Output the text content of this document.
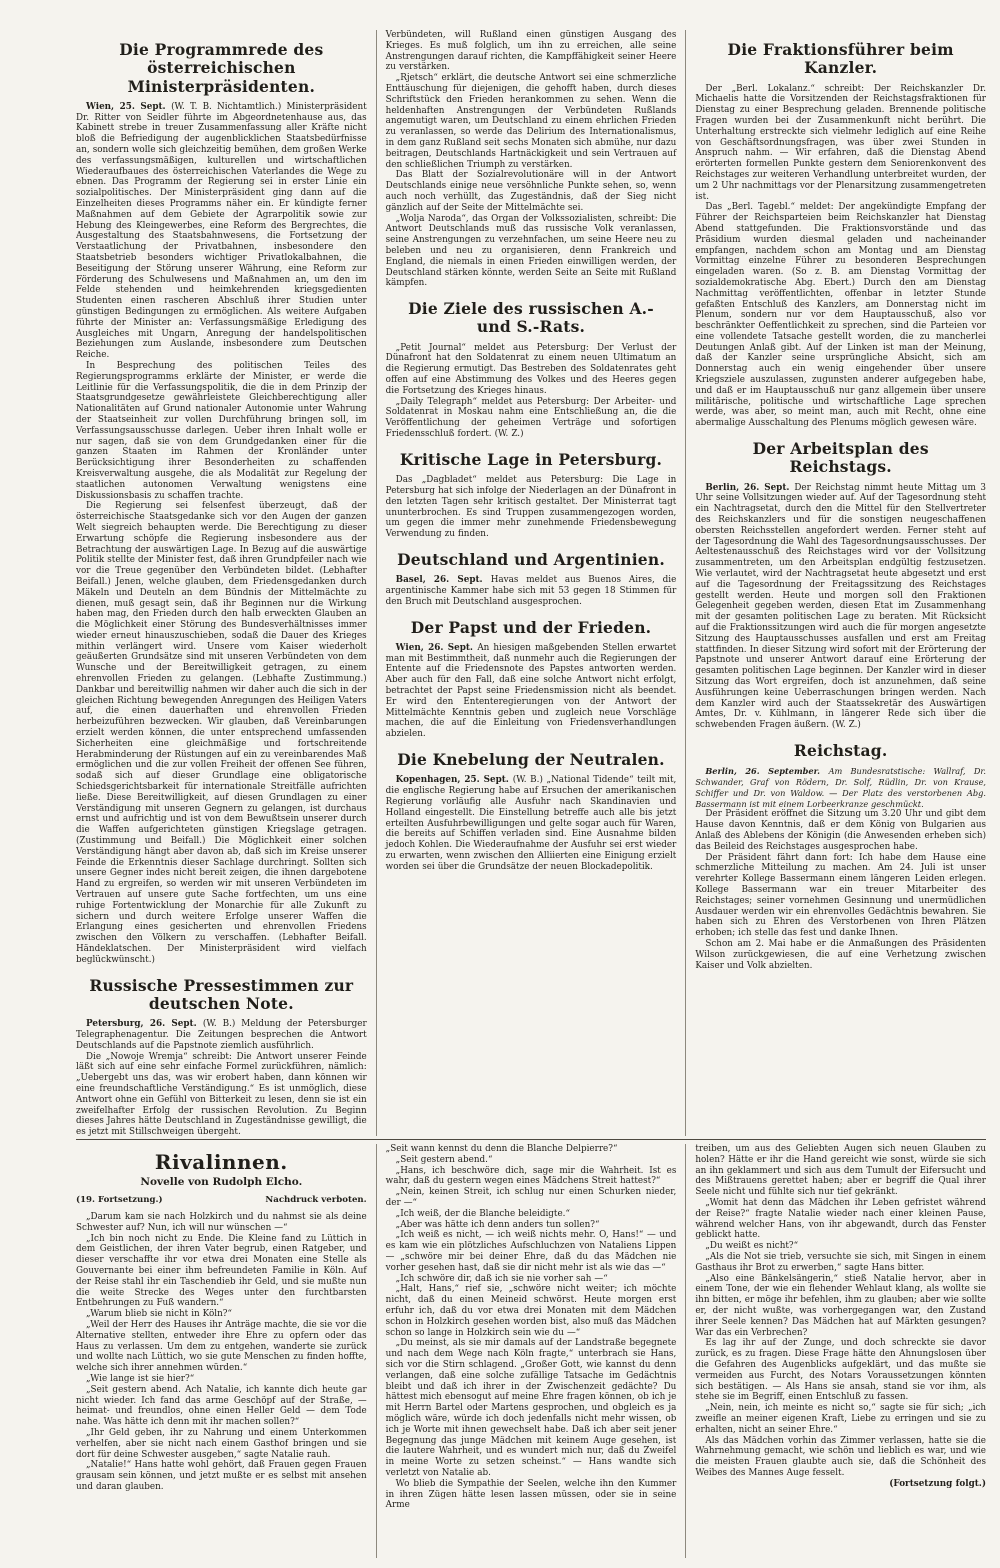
Die Programmrede des österreichischen Ministerpräsidenten.

Wien, 25. Sept. (W. T. B. Nichtamtlich.) Ministerpräsident Dr. Ritter von Seidler führte im Abgeordnetenhause aus, das Kabinett strebe in treuer Zusammenfassung aller Kräfte nicht bloß die Befriedigung der augenblicklichen Staatsbedürfnisse an, sondern wolle sich gleichzeitig bemühen, dem großen Werke des verfassungsmäßigen, kulturellen und wirtschaftlichen Wiederaufbaues des österreichischen Vaterlandes die Wege zu ebnen. Das Programm der Regierung sei in erster Linie ein sozialpolitisches. Der Ministerpräsident ging dann auf die Einzelheiten dieses Programms näher ein. Er kündigte ferner Maßnahmen auf dem Gebiete der Agrarpolitik sowie zur Hebung des Kleingewerbes, eine Reform des Bergrechtes, die Ausgestaltung des Staatsbahnwesens, die Fortsetzung der Verstaatlichung der Privatbahnen, insbesondere den Staatsbetrieb besonders wichtiger Privatlokalbahnen, die Beseitigung der Störung unserer Währung, eine Reform zur Förderung des Schulwesens und Maßnahmen an, um den im Felde stehenden und heimkehrenden kriegsgedienten Studenten einen rascheren Abschluß ihrer Studien unter günstigen Bedingungen zu ermöglichen. Als weitere Aufgaben führte der Minister an: Verfassungsmäßige Erledigung des Ausgleiches mit Ungarn, Anregung der handelspolitischen Beziehungen zum Auslande, insbesondere zum Deutschen Reiche.

In Besprechung des politischen Teiles des Regierungsprogramms erklärte der Minister, er werde die Leitlinie für die Verfassungspolitik, die die in dem Prinzip der Staatsgrundgesetze gewährleistete Gleichberechtigung aller Nationalitäten auf Grund nationaler Autonomie unter Wahrung der Staatseinheit zur vollen Durchführung bringen soll, im Verfassungsausschusse darlegen. Ueber ihren Inhalt wolle er nur sagen, daß sie von dem Grundgedanken einer für die ganzen Staaten im Rahmen der Kronländer unter Berücksichtigung ihrer Besonderheiten zu schaffenden Kreisverwaltung ausgehe, die als Modalität zur Regelung der staatlichen autonomen Verwaltung wenigstens eine Diskussionsbasis zu schaffen trachte.

Die Regierung sei felsenfest überzeugt, daß der österreichische Staatsgedanke sich vor den Augen der ganzen Welt siegreich behaupten werde. Die Berechtigung zu dieser Erwartung schöpfe die Regierung insbesondere aus der Betrachtung der auswärtigen Lage. In Bezug auf die auswärtige Politik stellte der Minister fest, daß ihren Grundpfeiler nach wie vor die Treue gegenüber den Verbündeten bildet. (Lebhafter Beifall.) Jenen, welche glauben, dem Friedensgedanken durch Mäkeln und Deuteln an dem Bündnis der Mittelmächte zu dienen, muß gesagt sein, daß ihr Beginnen nur die Wirkung haben mag, den Frieden durch den halb erweckten Glauben an die Möglichkeit einer Störung des Bundesverhältnisses immer wieder erneut hinauszuschieben, sodaß die Dauer des Krieges mithin verlängert wird. Unsere vom Kaiser wiederholt geäußerten Grundsätze sind mit unseren Verbündeten von dem Wunsche und der Bereitwilligkeit getragen, zu einem ehrenvollen Frieden zu gelangen. (Lebhafte Zustimmung.) Dankbar und bereitwillig nahmen wir daher auch die sich in der gleichen Richtung bewegenden Anregungen des Heiligen Vaters auf, die einen dauerhaften und ehrenvollen Frieden herbeizuführen bezwecken. Wir glauben, daß Vereinbarungen erzielt werden können, die unter entsprechend umfassenden Sicherheiten eine gleichmäßige und fortschreitende Herabminderung der Rüstungen auf ein zu vereinbarendes Maß ermöglichen und die zur vollen Freiheit der offenen See führen, sodaß sich auf dieser Grundlage eine obligatorische Schiedsgerichtsbarkeit für internationale Streitfälle aufrichten ließe. Diese Bereitwilligkeit, auf diesen Grundlagen zu einer Verständigung mit unseren Gegnern zu gelangen, ist durchaus ernst und aufrichtig und ist von dem Bewußtsein unserer durch die Waffen aufgerichteten günstigen Kriegslage getragen. (Zustimmung und Beifall.) Die Möglichkeit einer solchen Verständigung hängt aber davon ab, daß sich im Kreise unserer Feinde die Erkenntnis dieser Sachlage durchringt. Sollten sich unsere Gegner indes nicht bereit zeigen, die ihnen dargebotene Hand zu ergreifen, so werden wir mit unseren Verbündeten im Vertrauen auf unsere gute Sache fortfechten, um uns eine ruhige Fortentwicklung der Monarchie für alle Zukunft zu sichern und durch weitere Erfolge unserer Waffen die Erlangung eines gesicherten und ehrenvollen Friedens zwischen den Völkern zu verschaffen. (Lebhafter Beifall. Händeklatschen. Der Ministerpräsident wird vielfach beglückwünscht.)

Russische Pressestimmen zur deutschen Note.

Petersburg, 26. Sept. (W. B.) Meldung der Petersburger Telegraphenagentur. Die Zeitungen besprechen die Antwort Deutschlands auf die Papstnote ziemlich ausführlich.

Die „Nowoje Wremja“ schreibt: Die Antwort unserer Feinde läßt sich auf eine sehr einfache Formel zurückführen, nämlich: „Uebergebt uns das, was wir erobert haben, dann können wir eine freundschaftliche Verständigung.“ Es ist unmöglich, diese Antwort ohne ein Gefühl von Bitterkeit zu lesen, denn sie ist ein zweifelhafter Erfolg der russischen Revolution. Zu Beginn dieses Jahres hätte Deutschland in Zugeständnisse gewilligt, die es jetzt mit Stillschweigen übergeht.

Verbündeten, will Rußland einen günstigen Ausgang des Krieges. Es muß folglich, um ihn zu erreichen, alle seine Anstrengungen darauf richten, die Kampffähigkeit seiner Heere zu verstärken.

„Rjetsch“ erklärt, die deutsche Antwort sei eine schmerzliche Enttäuschung für diejenigen, die gehofft haben, durch dieses Schriftstück den Frieden herankommen zu sehen. Wenn die heldenhaften Anstrengungen der Verbündeten Rußlands angemutigt waren, um Deutschland zu einem ehrlichen Frieden zu veranlassen, so werde das Delirium des Internationalismus, in dem ganz Rußland seit sechs Monaten sich abmühe, nur dazu beitragen, Deutschlands Hartnäckigkeit und sein Vertrauen auf den schließlichen Triumph zu verstärken.

Das Blatt der Sozialrevolutionäre will in der Antwort Deutschlands einige neue versöhnliche Punkte sehen, so, wenn auch noch verhüllt, das Zugeständnis, daß der Sieg nicht gänzlich auf der Seite der Mittelmächte sei.

„Wolja Naroda“, das Organ der Volkssozialisten, schreibt: Die Antwort Deutschlands muß das russische Volk veranlassen, seine Anstrengungen zu verzehnfachen, um seine Heere neu zu beleben und neu zu organisieren, denn Frankreich und England, die niemals in einen Frieden einwilligen werden, der Deutschland stärken könnte, werden Seite an Seite mit Rußland kämpfen.

Die Ziele des russischen A.- und S.-Rats.

„Petit Journal“ meldet aus Petersburg: Der Verlust der Dünafront hat den Soldatenrat zu einem neuen Ultimatum an die Regierung ermutigt. Das Bestreben des Soldatenrates geht offen auf eine Abstimmung des Volkes und des Heeres gegen die Fortsetzung des Krieges hinaus.

„Daily Telegraph“ meldet aus Petersburg: Der Arbeiter- und Soldatenrat in Moskau nahm eine Entschließung an, die die Veröffentlichung der geheimen Verträge und sofortigen Friedensschluß fordert. (W. Z.)

Kritische Lage in Petersburg.

Das „Dagbladet“ meldet aus Petersburg: Die Lage in Petersburg hat sich infolge der Niederlagen an der Dünafront in den letzten Tagen sehr kritisch gestaltet. Der Ministerrat tagt ununterbrochen. Es sind Truppen zusammengezogen worden, um gegen die immer mehr zunehmende Friedensbewegung Verwendung zu finden.

Deutschland und Argentinien.

Basel, 26. Sept. Havas meldet aus Buenos Aires, die argentinische Kammer habe sich mit 53 gegen 18 Stimmen für den Bruch mit Deutschland ausgesprochen.

Der Papst und der Frieden.

Wien, 26. Sept. An hiesigen maßgebenden Stellen erwartet man mit Bestimmtheit, daß nunmehr auch die Regierungen der Entente auf die Friedensnote des Papstes antworten werden. Aber auch für den Fall, daß eine solche Antwort nicht erfolgt, betrachtet der Papst seine Friedensmission nicht als beendet. Er wird den Ententeregierungen von der Antwort der Mittelmächte Kenntnis geben und zugleich neue Vorschläge machen, die auf die Einleitung von Friedensverhandlungen abzielen.

Die Knebelung der Neutralen.

Kopenhagen, 25. Sept. (W. B.) „National Tidende“ teilt mit, die englische Regierung habe auf Ersuchen der amerikanischen Regierung vorläufig alle Ausfuhr nach Skandinavien und Holland eingestellt. Die Einstellung betreffe auch alle bis jetzt erteilten Ausfuhrbewilligungen und gelte sogar auch für Waren, die bereits auf Schiffen verladen sind. Eine Ausnahme bilden jedoch Kohlen. Die Wiederaufnahme der Ausfuhr sei erst wieder zu erwarten, wenn zwischen den Alliierten eine Einigung erzielt worden sei über die Grundsätze der neuen Blockadepolitik.

Die Fraktionsführer beim Kanzler.

Der „Berl. Lokalanz.“ schreibt: Der Reichskanzler Dr. Michaelis hatte die Vorsitzenden der Reichstagsfraktionen für Dienstag zu einer Besprechung geladen. Brennende politische Fragen wurden bei der Zusammenkunft nicht berührt. Die Unterhaltung erstreckte sich vielmehr lediglich auf eine Reihe von Geschäftsordnungsfragen, was über zwei Stunden in Anspruch nahm. — Wir erfahren, daß die Dienstag Abend erörterten formellen Punkte gestern dem Seniorenkonvent des Reichstages zur weiteren Verhandlung unterbreitet wurden, der um 2 Uhr nachmittags vor der Plenarsitzung zusammengetreten ist.

Das „Berl. Tagebl.“ meldet: Der angekündigte Empfang der Führer der Reichsparteien beim Reichskanzler hat Dienstag Abend stattgefunden. Die Fraktionsvorstände und das Präsidium wurden diesmal geladen und nacheinander empfangen, nachdem schon am Montag und am Dienstag Vormittag einzelne Führer zu besonderen Besprechungen eingeladen waren. (So z. B. am Dienstag Vormittag der sozialdemokratische Abg. Ebert.) Durch den am Dienstag Nachmittag veröffentlichten, offenbar in letzter Stunde gefaßten Entschluß des Kanzlers, am Donnerstag nicht im Plenum, sondern nur vor dem Hauptausschuß, also vor beschränkter Oeffentlichkeit zu sprechen, sind die Parteien vor eine vollendete Tatsache gestellt worden, die zu mancherlei Deutungen Anlaß gibt. Auf der Linken ist man der Meinung, daß der Kanzler seine ursprüngliche Absicht, sich am Donnerstag auch ein wenig eingehender über unsere Kriegsziele auszulassen, zugunsten anderer aufgegeben habe, und daß er im Hauptausschuß nur ganz allgemein über unsere militärische, politische und wirtschaftliche Lage sprechen werde, was aber, so meint man, auch mit Recht, ohne eine abermalige Ausschaltung des Plenums möglich gewesen wäre.

Der Arbeitsplan des Reichstags.

Berlin, 26. Sept. Der Reichstag nimmt heute Mittag um 3 Uhr seine Vollsitzungen wieder auf. Auf der Tagesordnung steht ein Nachtragsetat, durch den die Mittel für den Stellvertreter des Reichskanzlers und für die sonstigen neugeschaffenen obersten Reichsstellen angefordert werden. Ferner steht auf der Tagesordnung die Wahl des Tagesordnungsausschusses. Der Aeltestenausschuß des Reichstages wird vor der Vollsitzung zusammentreten, um den Arbeitsplan endgültig festzusetzen. Wie verlautet, wird der Nachtragsetat heute abgesetzt und erst auf die Tagesordnung der Freitagssitzung des Reichstages gestellt werden. Heute und morgen soll den Fraktionen Gelegenheit gegeben werden, diesen Etat im Zusammenhang mit der gesamten politischen Lage zu beraten. Mit Rücksicht auf die Fraktionssitzungen wird auch die für morgen angesetzte Sitzung des Hauptausschusses ausfallen und erst am Freitag stattfinden. In dieser Sitzung wird sofort mit der Erörterung der Papstnote und unserer Antwort darauf eine Erörterung der gesamten politischen Lage beginnen. Der Kanzler wird in dieser Sitzung das Wort ergreifen, doch ist anzunehmen, daß seine Ausführungen keine Ueberraschungen bringen werden. Nach dem Kanzler wird auch der Staatssekretär des Auswärtigen Amtes, Dr. v. Kühlmann, in längerer Rede sich über die schwebenden Fragen äußern. (W. Z.)

Reichstag.

Berlin, 26. September. Am Bundesratstische: Wallraf, Dr. Schwander, Graf von Rödern, Dr. Solf, Rüdlin, Dr. von Krause, Schiffer und Dr. von Waldow. — Der Platz des verstorbenen Abg. Bassermann ist mit einem Lorbeerkranze geschmückt.

Der Präsident eröffnet die Sitzung um 3.20 Uhr und gibt dem Hause davon Kenntnis, daß er dem König von Bulgarien aus Anlaß des Ablebens der Königin (die Anwesenden erheben sich) das Beileid des Reichstages ausgesprochen habe.

Der Präsident fährt dann fort: Ich habe dem Hause eine schmerzliche Mitteilung zu machen. Am 24. Juli ist unser verehrter Kollege Bassermann einem längeren Leiden erlegen. Kollege Bassermann war ein treuer Mitarbeiter des Reichstages; seiner vornehmen Gesinnung und unermüdlichen Ausdauer werden wir ein ehrenvolles Gedächtnis bewahren. Sie haben sich zu Ehren des Verstorbenen von Ihren Plätzen erhoben; ich stelle das fest und danke Ihnen.

Schon am 2. Mai habe er die Anmaßungen des Präsidenten Wilson zurückgewiesen, die auf eine Verhetzung zwischen Kaiser und Volk abzielten.

Rivalinnen.
Novelle von Rudolph Elcho.
(19. Fortsetzung.)	Nachdruck verboten.

„Darum kam sie nach Holzkirch und du nahmst sie als deine Schwester auf? Nun, ich will nur wünschen —“

„Ich bin noch nicht zu Ende. Die Kleine fand zu Lüttich in dem Geistlichen, der ihren Vater begrub, einen Ratgeber, und dieser verschaffte ihr vor etwa drei Monaten eine Stelle als Gouvernante bei einer ihm befreundeten Familie in Köln. Auf der Reise stahl ihr ein Taschendieb ihr Geld, und sie mußte nun die weite Strecke des Weges unter den furchtbarsten Entbehrungen zu Fuß wandern.“

„Warum blieb sie nicht in Köln?“

„Weil der Herr des Hauses ihr Anträge machte, die sie vor die Alternative stellten, entweder ihre Ehre zu opfern oder das Haus zu verlassen. Um dem zu entgehen, wanderte sie zurück und wollte nach Lüttich, wo sie gute Menschen zu finden hoffte, welche sich ihrer annehmen würden.“

„Wie lange ist sie hier?“

„Seit gestern abend. Ach Natalie, ich kannte dich heute gar nicht wieder. Ich fand das arme Geschöpf auf der Straße, — heimat- und freundlos, ohne einen Heller Geld — dem Tode nahe. Was hätte ich denn mit ihr machen sollen?“

„Ihr Geld geben, ihr zu Nahrung und einem Unterkommen verhelfen, aber sie nicht nach einem Gasthof bringen und sie dort für deine Schwester ausgeben,“ sagte Natalie rauh.

„Natalie!“ Hans hatte wohl gehört, daß Frauen gegen Frauen grausam sein können, und jetzt mußte er es selbst mit ansehen und daran glauben.

„Seit wann kennst du denn die Blanche Delpierre?“

„Seit gestern abend.“

„Hans, ich beschwöre dich, sage mir die Wahrheit. Ist es wahr, daß du gestern wegen eines Mädchens Streit hattest?“

„Nein, keinen Streit, ich schlug nur einen Schurken nieder, der —“

„Ich weiß, der die Blanche beleidigte.“

„Aber was hätte ich denn anders tun sollen?“

„Ich weiß es nicht, — ich weiß nichts mehr. O, Hans!“ — und es kam wie ein plötzliches Aufschluchzen von Nataliens Lippen — „schwöre mir bei deiner Ehre, daß du das Mädchen nie vorher gesehen hast, daß sie dir nicht mehr ist als wie das —“

„Ich schwöre dir, daß ich sie nie vorher sah —“

„Halt, Hans,“ rief sie, „schwöre nicht weiter; ich möchte nicht, daß du einen Meineid schwörst. Heute morgen erst erfuhr ich, daß du vor etwa drei Monaten mit dem Mädchen schon in Holzkirch gesehen worden bist, also muß das Mädchen schon so lange in Holzkirch sein wie du —“

„Du meinst, als sie mir damals auf der Landstraße begegnete und nach dem Wege nach Köln fragte,“ unterbrach sie Hans, sich vor die Stirn schlagend. „Großer Gott, wie kannst du denn verlangen, daß eine solche zufällige Tatsache im Gedächtnis bleibt und daß ich ihrer in der Zwischenzeit gedächte? Du hättest mich ebensogut auf meine Ehre fragen können, ob ich je mit Herrn Bartel oder Martens gesprochen, und obgleich es ja möglich wäre, würde ich doch jedenfalls nicht mehr wissen, ob ich je Worte mit ihnen gewechselt habe. Daß ich aber seit jener Begegnung das junge Mädchen mit keinem Auge gesehen, ist die lautere Wahrheit, und es wundert mich nur, daß du Zweifel in meine Worte zu setzen scheinst.“ — Hans wandte sich verletzt von Natalie ab.

Wo blieb die Sympathie der Seelen, welche ihn den Kummer in ihren Zügen hätte lesen lassen müssen, oder sie in seine Arme

treiben, um aus des Geliebten Augen sich neuen Glauben zu holen? Hätte er ihr die Hand gereicht wie sonst, würde sie sich an ihn geklammert und sich aus dem Tumult der Eifersucht und des Mißtrauens gerettet haben; aber er begriff die Qual ihrer Seele nicht und fühlte sich nur tief gekränkt.

„Womit hat denn das Mädchen ihr Leben gefristet während der Reise?“ fragte Natalie wieder nach einer kleinen Pause, während welcher Hans, von ihr abgewandt, durch das Fenster geblickt hatte.

„Du weißt es nicht?“

„Als die Not sie trieb, versuchte sie sich, mit Singen in einem Gasthaus ihr Brot zu erwerben,“ sagte Hans bitter.

„Also eine Bänkelsängerin,“ stieß Natalie hervor, aber in einem Tone, der wie ein flehender Wehlaut klang, als wollte sie ihn bitten, er möge ihr befehlen, ihm zu glauben; aber wie sollte er, der nicht wußte, was vorhergegangen war, den Zustand ihrer Seele kennen? Das Mädchen hat auf Märkten gesungen? War das ein Verbrechen?

Es lag ihr auf der Zunge, und doch schreckte sie davor zurück, es zu fragen. Diese Frage hätte den Ahnungslosen über die Gefahren des Augenblicks aufgeklärt, und das mußte sie vermeiden aus Furcht, des Notars Voraussetzungen könnten sich bestätigen. — Als Hans sie ansah, stand sie vor ihm, als stehe sie im Begriff, einen Entschluß zu fassen.

„Nein, nein, ich meinte es nicht so,“ sagte sie für sich; „ich zweifle an meiner eigenen Kraft, Liebe zu erringen und sie zu erhalten, nicht an seiner Ehre.“

Als das Mädchen vorhin das Zimmer verlassen, hatte sie die Wahrnehmung gemacht, wie schön und lieblich es war, und wie die meisten Frauen glaubte auch sie, daß die Schönheit des Weibes des Mannes Auge fesselt.

(Fortsetzung folgt.)
